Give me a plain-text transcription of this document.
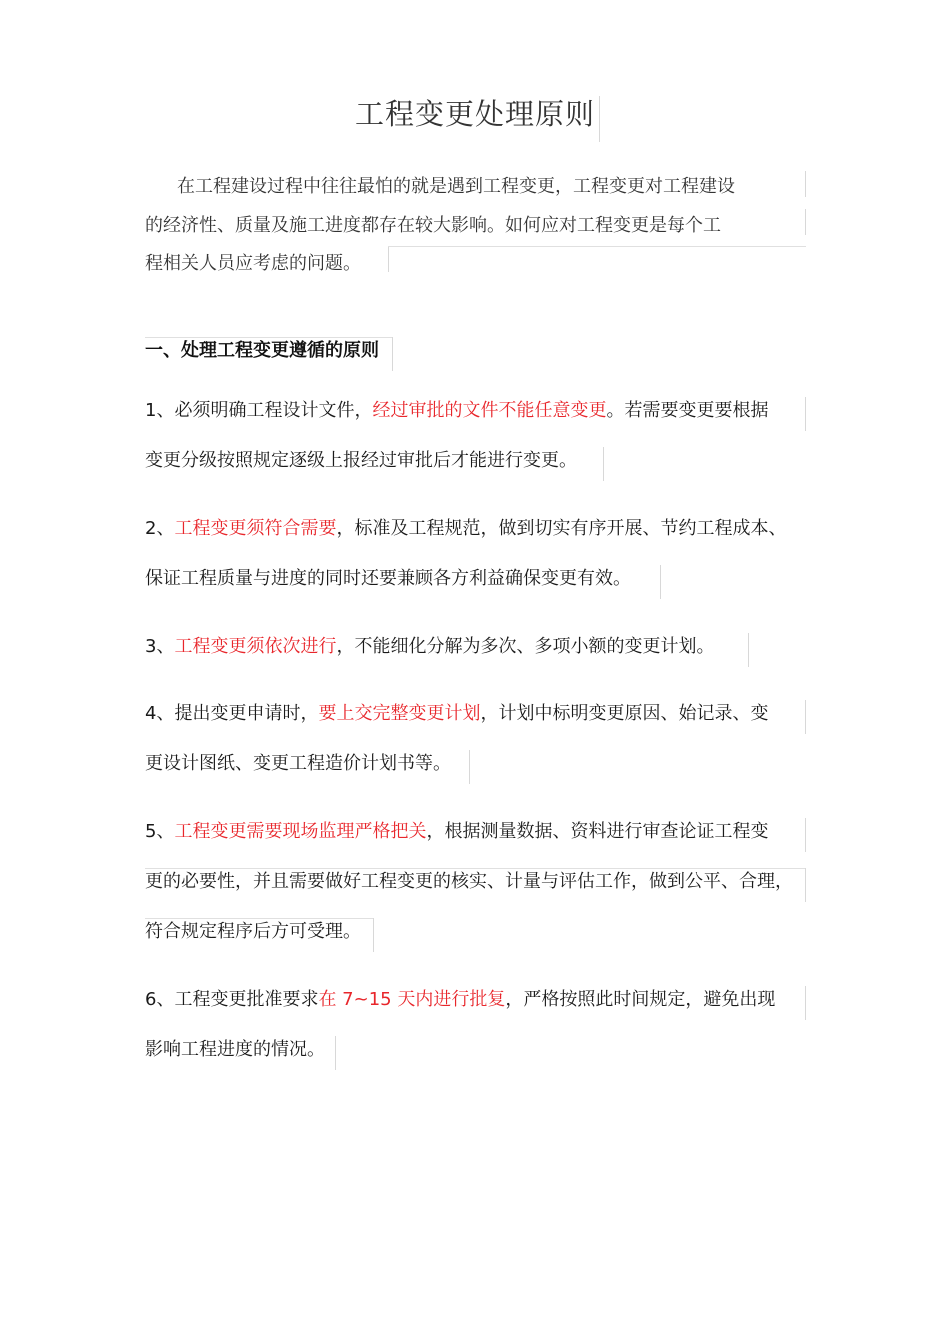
工程变更处理原则
在工程建设过程中往往最怕的就是遇到工程变更，工程变更对工程建设
的经济性、质量及施工进度都存在较大影响。如何应对工程变更是每个工
程相关人员应考虑的问题。
一、处理工程变更遵循的原则
1、必须明确工程设计文件，经过审批的文件不能任意变更。若需要变更要根据
变更分级按照规定逐级上报经过审批后才能进行变更。
2、工程变更须符合需要，标准及工程规范，做到切实有序开展、节约工程成本、
保证工程质量与进度的同时还要兼顾各方利益确保变更有效。
3、工程变更须依次进行，不能细化分解为多次、多项小额的变更计划。
4、提出变更申请时，要上交完整变更计划，计划中标明变更原因、始记录、变
更设计图纸、变更工程造价计划书等。
5、工程变更需要现场监理严格把关，根据测量数据、资料进行审查论证工程变
更的必要性，并且需要做好工程变更的核实、计量与评估工作，做到公平、合理，
符合规定程序后方可受理。
6、工程变更批准要求在 7~15 天内进行批复，严格按照此时间规定，避免出现
影响工程进度的情况。
